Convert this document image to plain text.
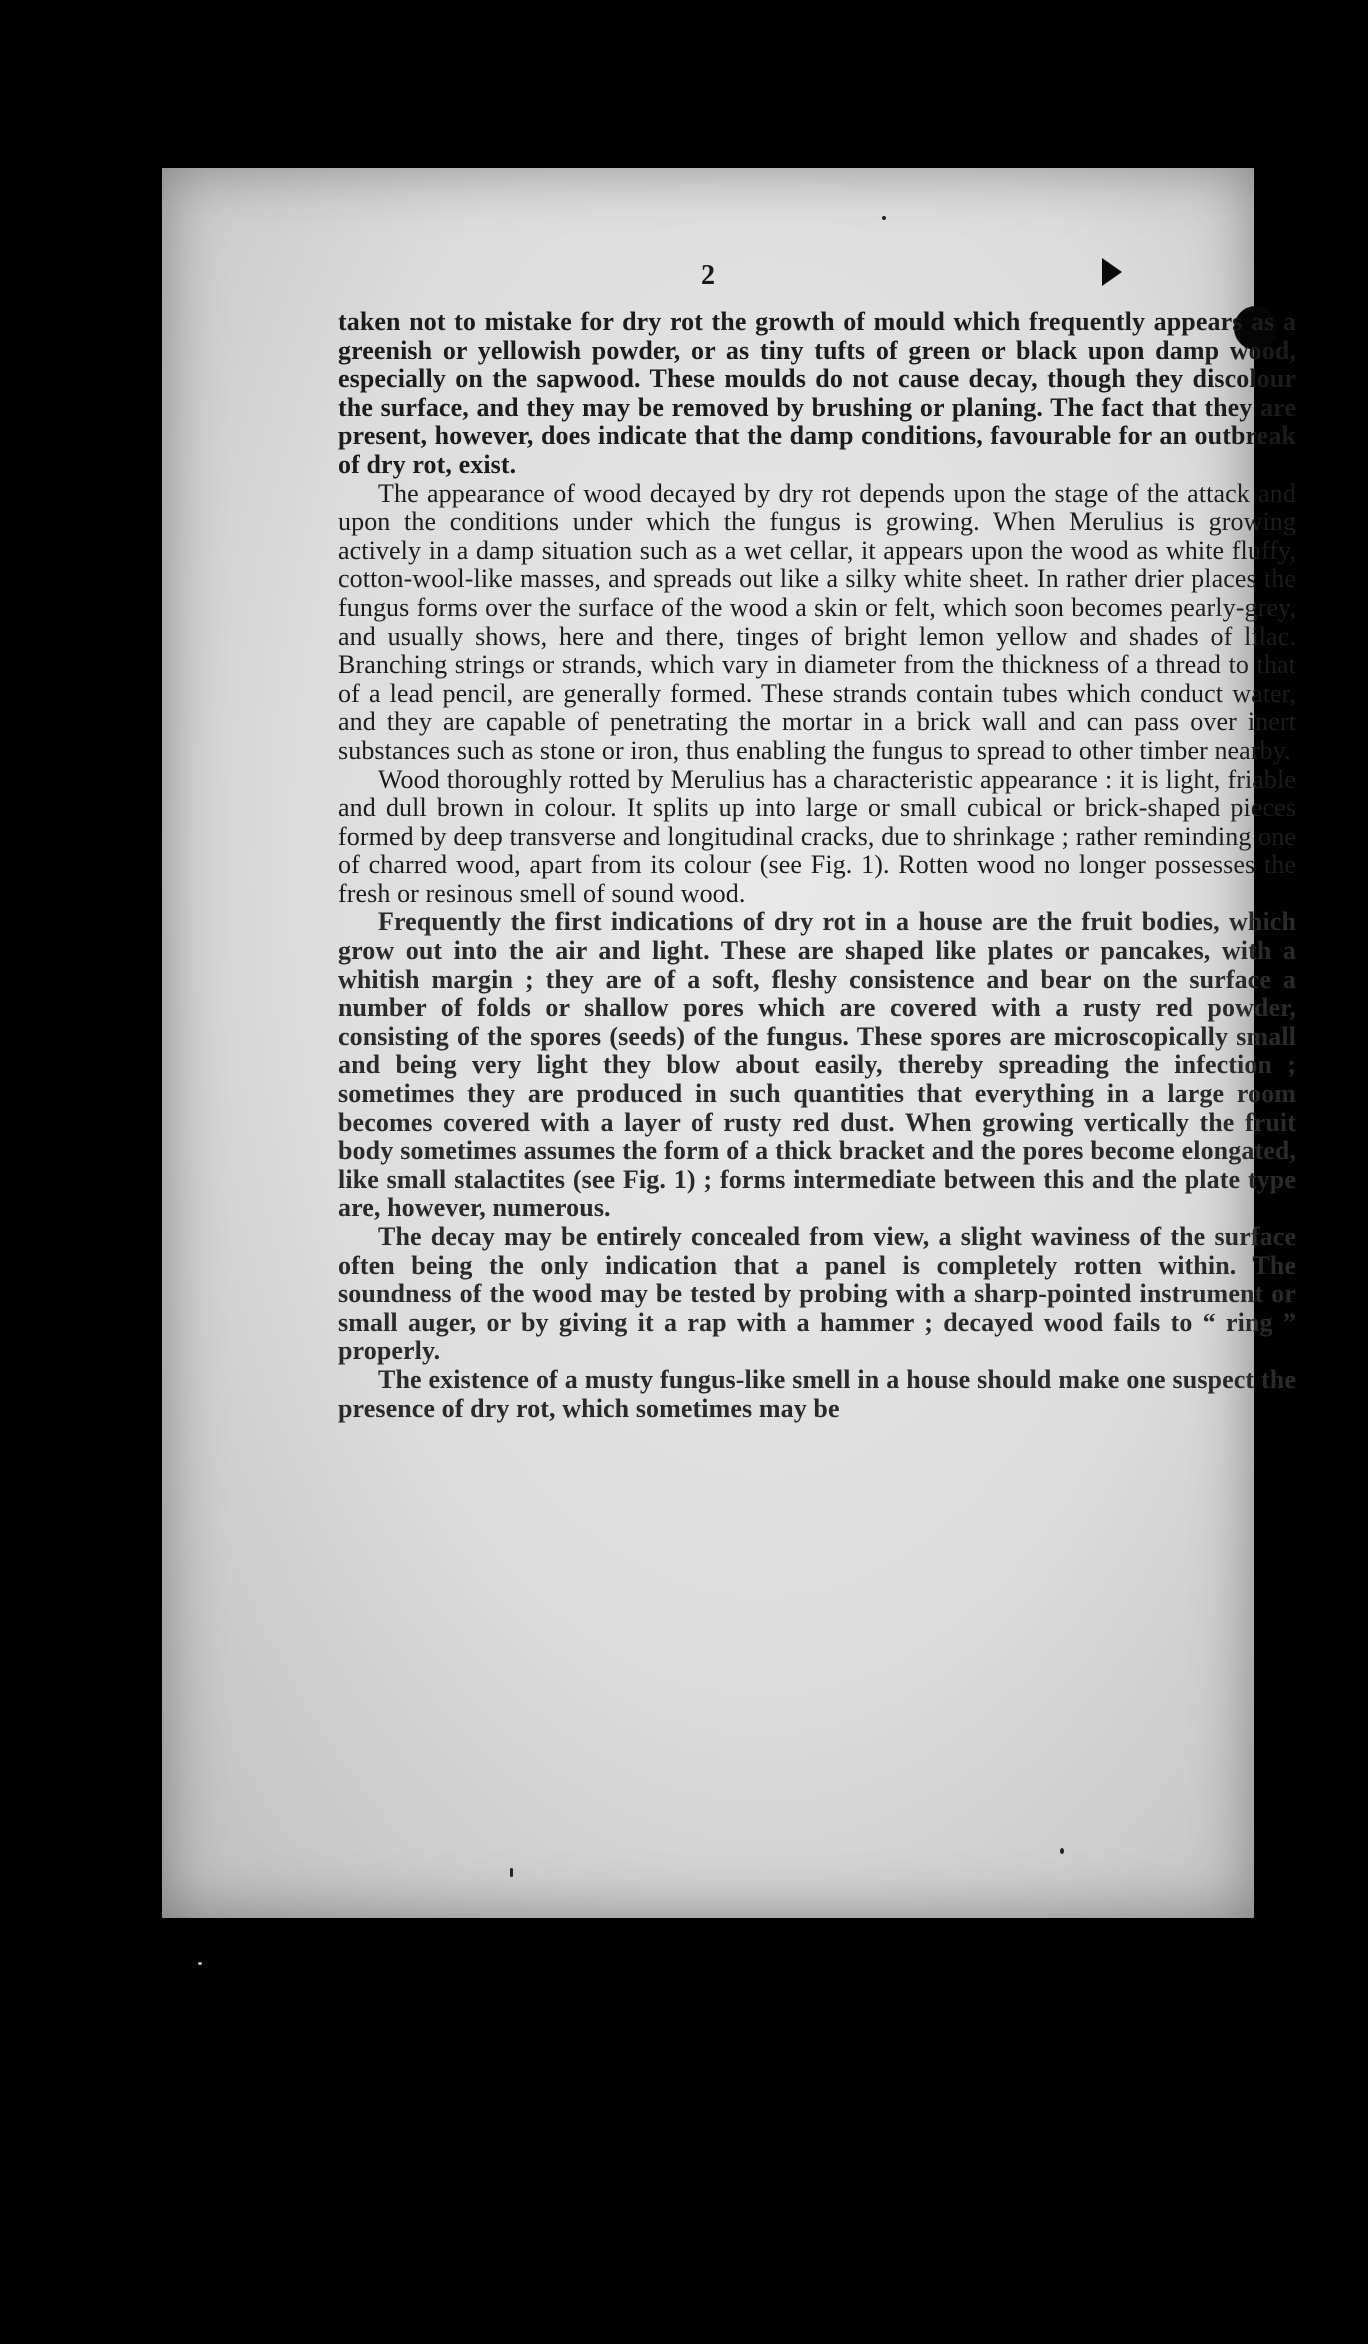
2

taken not to mistake for dry rot the growth of mould which frequently appears as a greenish or yellowish powder, or as tiny tufts of green or black upon damp wood, especially on the sapwood. These moulds do not cause decay, though they discolour the surface, and they may be removed by brushing or planing. The fact that they are present, however, does indicate that the damp conditions, favourable for an outbreak of dry rot, exist.

The appearance of wood decayed by dry rot depends upon the stage of the attack and upon the conditions under which the fungus is growing. When Merulius is growing actively in a damp situation such as a wet cellar, it appears upon the wood as white fluffy, cotton-wool-like masses, and spreads out like a silky white sheet. In rather drier places the fungus forms over the surface of the wood a skin or felt, which soon becomes pearly-grey, and usually shows, here and there, tinges of bright lemon yellow and shades of lilac. Branching strings or strands, which vary in diameter from the thickness of a thread to that of a lead pencil, are generally formed. These strands contain tubes which conduct water, and they are capable of penetrating the mortar in a brick wall and can pass over inert substances such as stone or iron, thus enabling the fungus to spread to other timber nearby.

Wood thoroughly rotted by Merulius has a characteristic appearance : it is light, friable and dull brown in colour. It splits up into large or small cubical or brick-shaped pieces formed by deep transverse and longitudinal cracks, due to shrinkage ; rather reminding one of charred wood, apart from its colour (see Fig. 1). Rotten wood no longer possesses the fresh or resinous smell of sound wood.

Frequently the first indications of dry rot in a house are the fruit bodies, which grow out into the air and light. These are shaped like plates or pancakes, with a whitish margin ; they are of a soft, fleshy consistence and bear on the surface a number of folds or shallow pores which are covered with a rusty red powder, consisting of the spores (seeds) of the fungus. These spores are microscopically small and being very light they blow about easily, thereby spreading the infection ; sometimes they are produced in such quantities that everything in a large room becomes covered with a layer of rusty red dust. When growing vertically the fruit body sometimes assumes the form of a thick bracket and the pores become elongated, like small stalactites (see Fig. 1) ; forms intermediate between this and the plate type are, however, numerous.

The decay may be entirely concealed from view, a slight waviness of the surface often being the only indication that a panel is completely rotten within. The soundness of the wood may be tested by probing with a sharp-pointed instrument or small auger, or by giving it a rap with a hammer ; decayed wood fails to “ ring ” properly.

The existence of a musty fungus-like smell in a house should make one suspect the presence of dry rot, which sometimes may be
